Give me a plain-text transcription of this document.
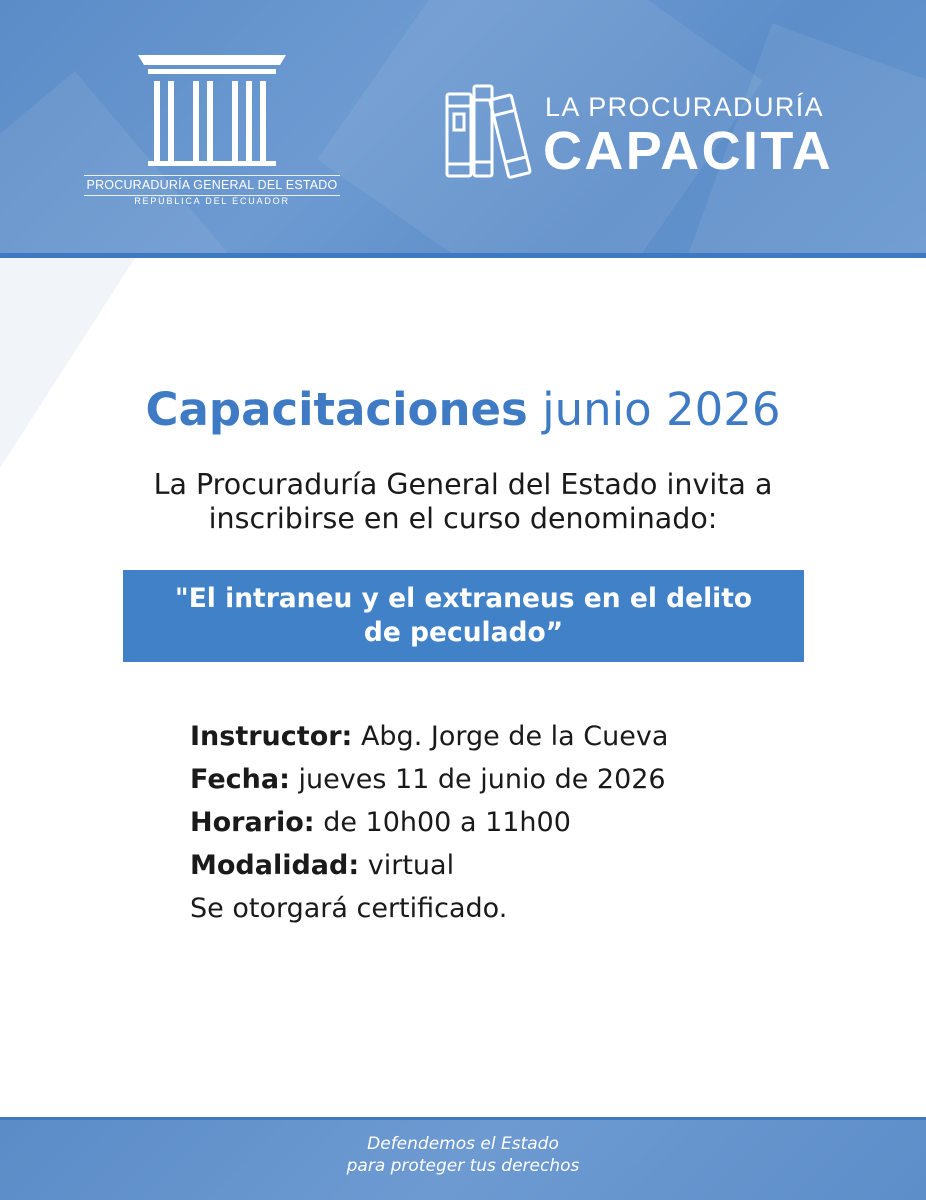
PROCURADURÍA GENERAL DEL ESTADO
REPÚBLICA DEL ECUADOR
LA PROCURADURÍA
CAPACITA
Capacitaciones junio 2026
La Procuraduría General del Estado invita a
inscribirse en el curso denominado:
"El intraneu y el extraneus en el delito
de peculado”
Instructor: Abg. Jorge de la Cueva
Fecha: jueves 11 de junio de 2026
Horario: de 10h00 a 11h00
Modalidad: virtual
Se otorgará certificado.
Defendemos el Estado
para proteger tus derechos
